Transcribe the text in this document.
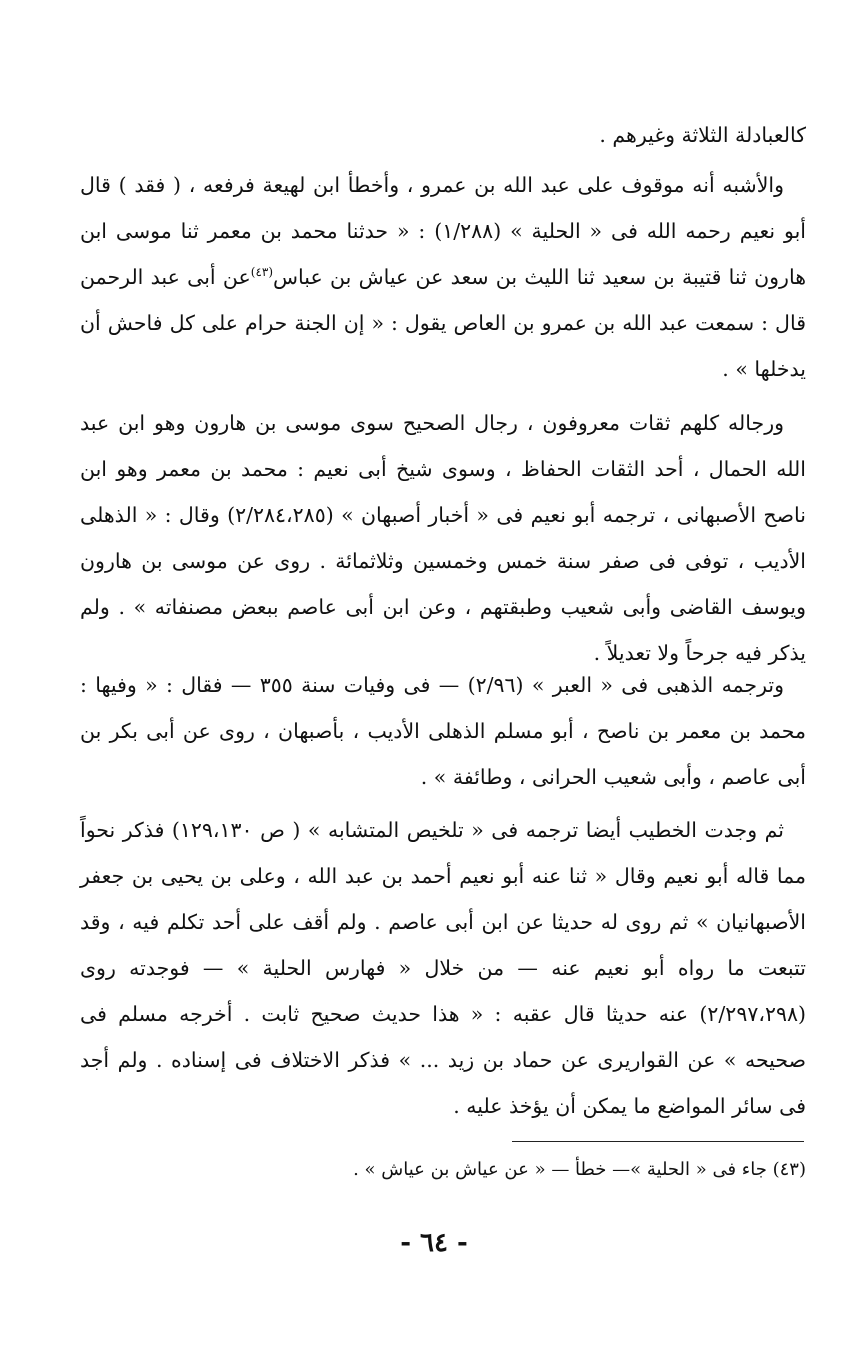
كالعبادلة الثلاثة وغيرهم .

والأشبه أنه موقوف على عبد الله بن عمرو ، وأخطأ ابن لهيعة فرفعه ، ( فقد ) قال أبو نعيم رحمه الله فى « الحلية » (١/٢٨٨) : « حدثنا محمد بن معمر ثنا موسى ابن هارون ثنا قتيبة بن سعيد ثنا الليث بن سعد عن عياش بن عباس$^{(٤٣)}$عن أبى عبد الرحمن قال : سمعت عبد الله بن عمرو بن العاص يقول : « إن الجنة حرام على كل فاحش أن يدخلها » .

ورجاله كلهم ثقات معروفون ، رجال الصحيح سوى موسى بن هارون وهو ابن عبد الله الحمال ، أحد الثقات الحفاظ ، وسوى شيخ أبى نعيم : محمد بن معمر وهو ابن ناصح الأصبهانى ، ترجمه أبو نعيم فى « أخبار أصبهان » (٢/٢٨٤،٢٨٥) وقال : « الذهلى الأديب ، توفى فى صفر سنة خمس وخمسين وثلاثمائة . روى عن موسى بن هارون ويوسف القاضى وأبى شعيب وطبقتهم ، وعن ابن أبى عاصم ببعض مصنفاته » . ولم يذكر فيه جرحاً ولا تعديلاً .

وترجمه الذهبى فى « العبر » (٢/٩٦) — فى وفيات سنة ٣٥٥ — فقال : « وفيها : محمد بن معمر بن ناصح ، أبو مسلم الذهلى الأديب ، بأصبهان ، روى عن أبى بكر بن أبى عاصم ، وأبى شعيب الحرانى ، وطائفة » .

ثم وجدت الخطيب أيضا ترجمه فى « تلخيص المتشابه » ( ص ١٢٩،١٣٠) فذكر نحواً مما قاله أبو نعيم وقال « ثنا عنه أبو نعيم أحمد بن عبد الله ، وعلى بن يحيى بن جعفر الأصبهانيان » ثم روى له حديثا عن ابن أبى عاصم . ولم أقف على أحد تكلم فيه ، وقد تتبعت ما رواه أبو نعيم عنه — من خلال « فهارس الحلية » — فوجدته روى (٢/٢٩٧،٢٩٨) عنه حديثا قال عقبه : « هذا حديث صحيح ثابت . أخرجه مسلم فى صحيحه » عن القواريرى عن حماد بن زيد ... » فذكر الاختلاف فى إسناده . ولم أجد فى سائر المواضع ما يمكن أن يؤخذ عليه .

(٤٣) جاء فى « الحلية »— خطأ — « عن عياش بن عياش » .
- ٦٤ -
